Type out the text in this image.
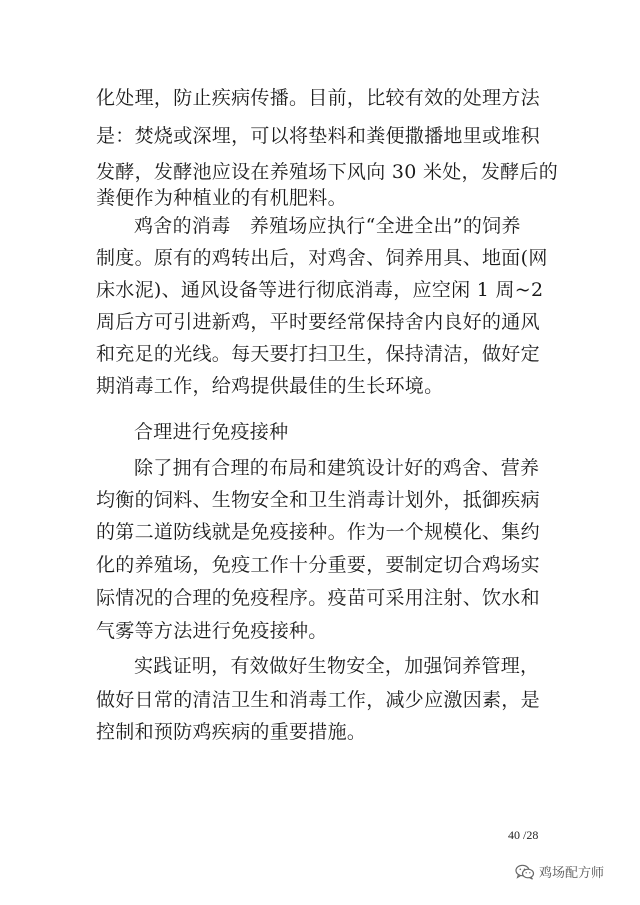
化处理，防止疾病传播。目前，比较有效的处理方法
是：焚烧或深埋，可以将垫料和粪便撒播地里或堆积
发酵，发酵池应设在养殖场下风向 30 米处，发酵后的
粪便作为种植业的有机肥料。
鸡舍的消毒　养殖场应执行“全进全出”的饲养
制度。原有的鸡转出后，对鸡舍、饲养用具、地面(网
床水泥)、通风设备等进行彻底消毒，应空闲 1 周~2
周后方可引进新鸡，平时要经常保持舍内良好的通风
和充足的光线。每天要打扫卫生，保持清洁，做好定
期消毒工作，给鸡提供最佳的生长环境。
合理进行免疫接种
除了拥有合理的布局和建筑设计好的鸡舍、营养
均衡的饲料、生物安全和卫生消毒计划外，抵御疾病
的第二道防线就是免疫接种。作为一个规模化、集约
化的养殖场，免疫工作十分重要，要制定切合鸡场实
际情况的合理的免疫程序。疫苗可采用注射、饮水和
气雾等方法进行免疫接种。
实践证明，有效做好生物安全，加强饲养管理，
做好日常的清洁卫生和消毒工作，减少应激因素，是
控制和预防鸡疾病的重要措施。
40 /28
鸡场配方师
